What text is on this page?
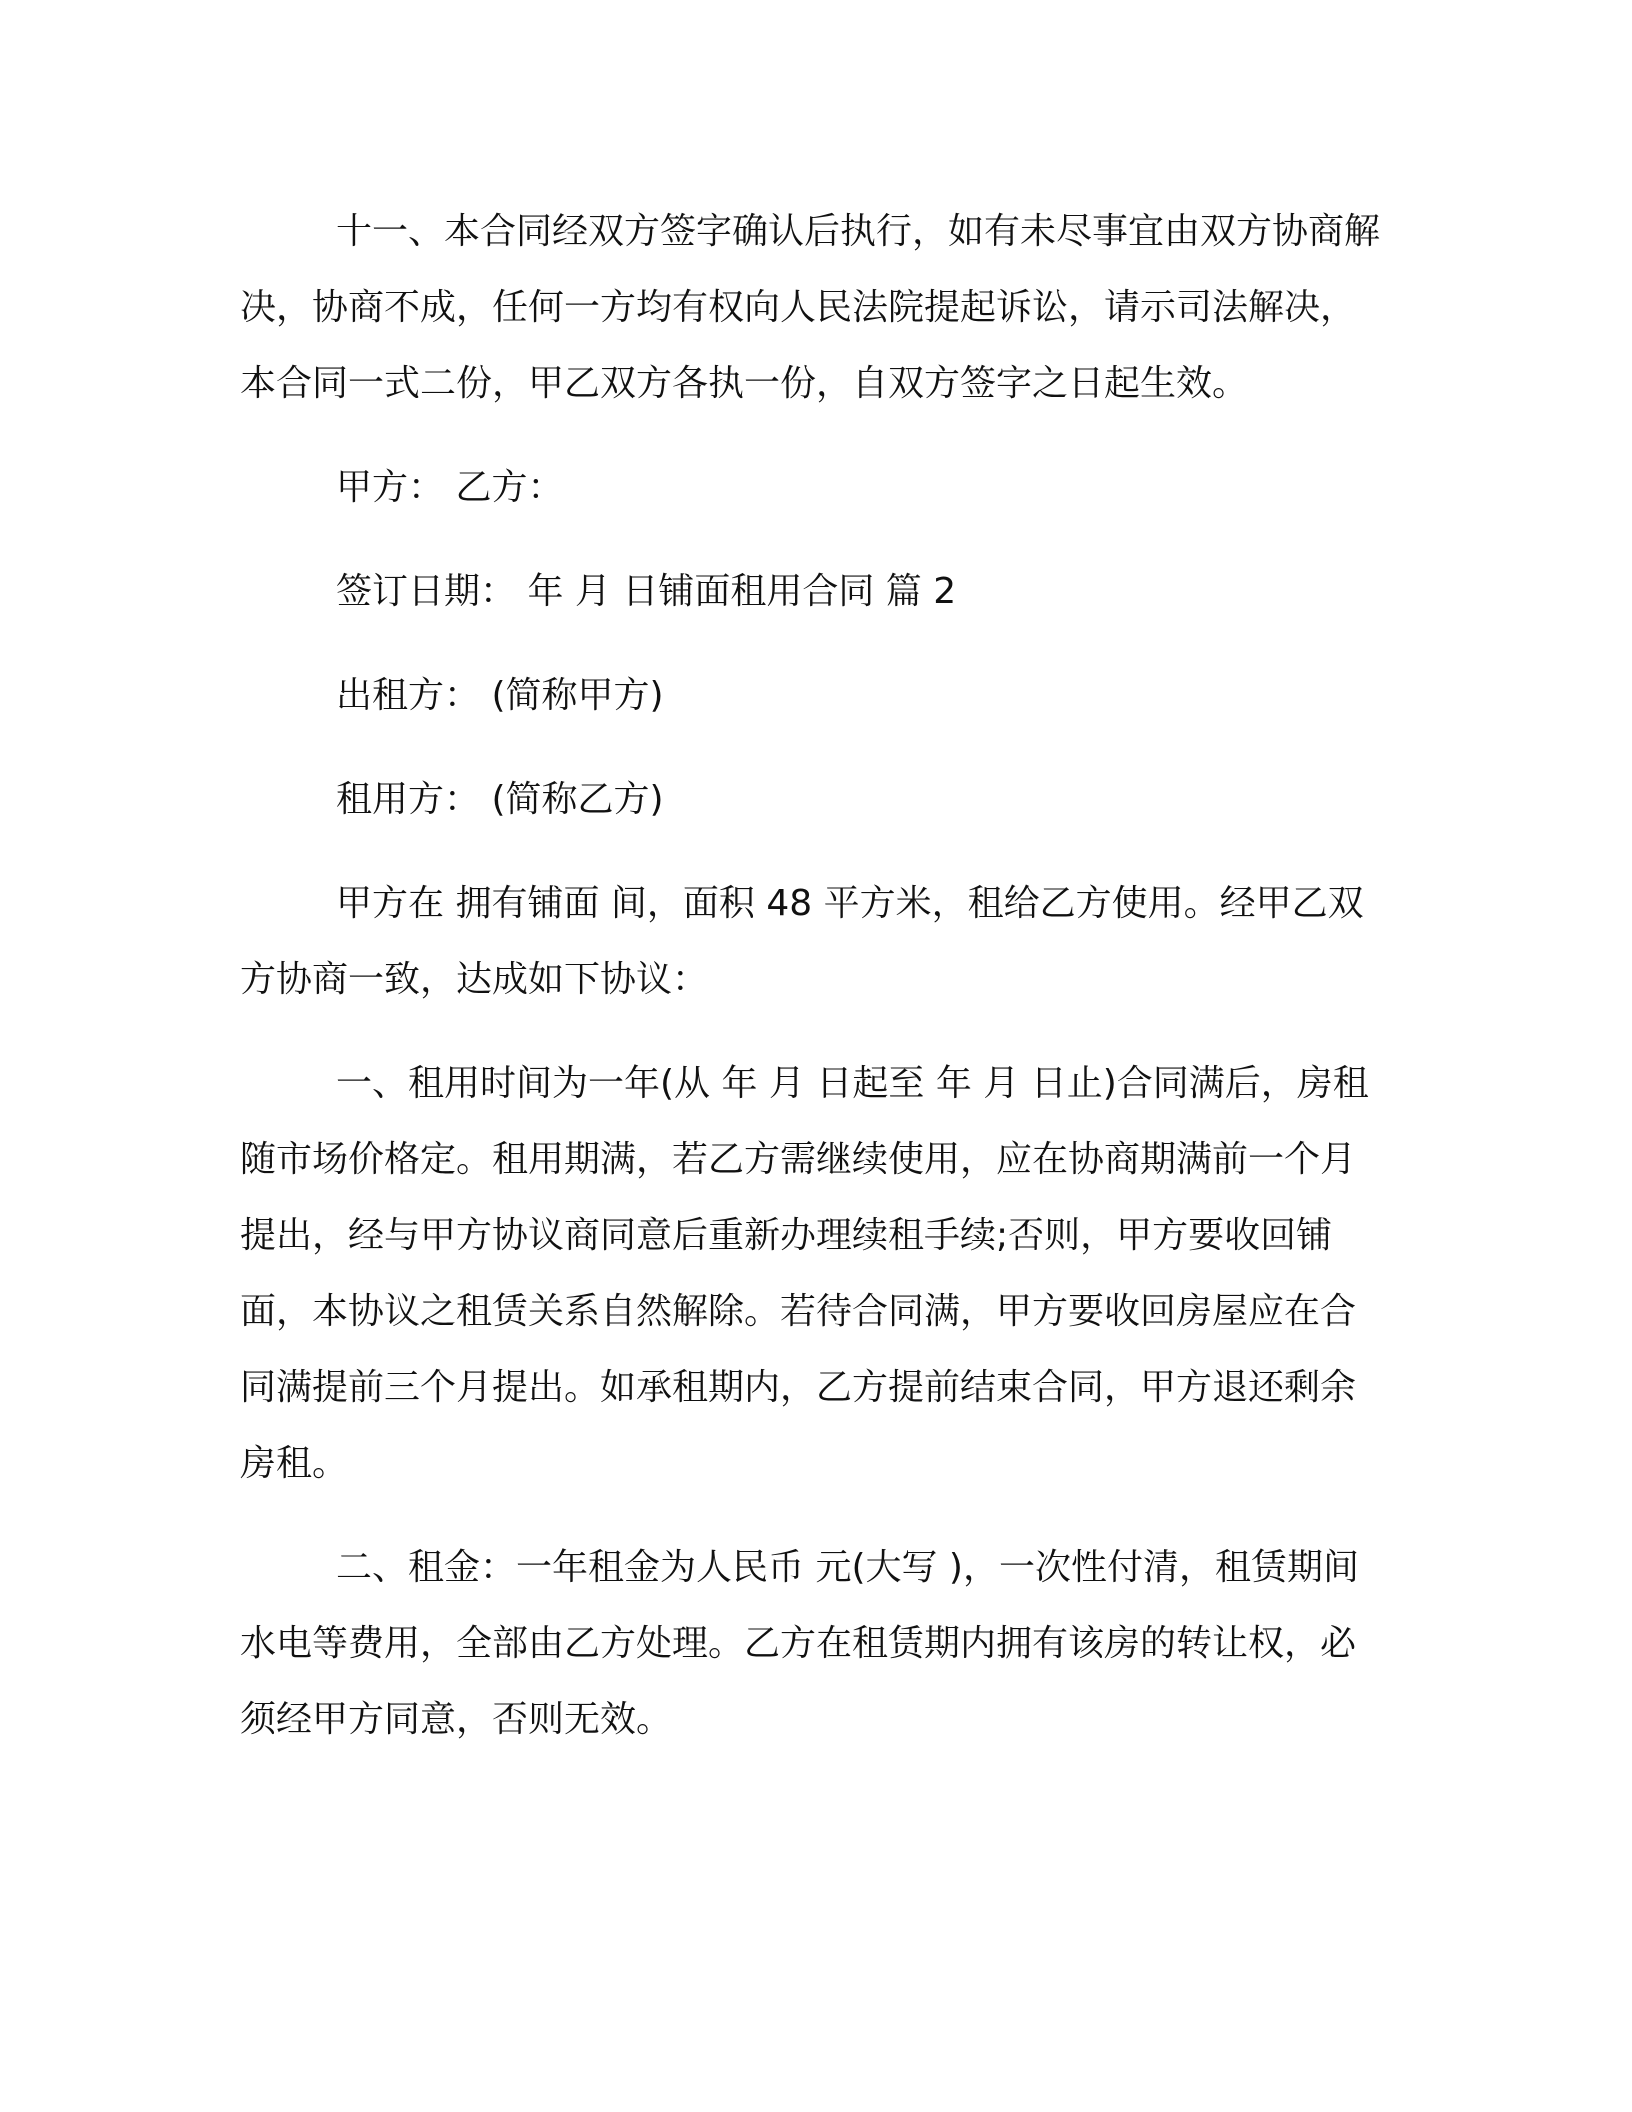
十一、本合同经双方签字确认后执行，如有未尽事宜由双方协商解决，协商不成，任何一方均有权向人民法院提起诉讼，请示司法解决，本合同一式二份，甲乙双方各执一份，自双方签字之日起生效。

甲方： 乙方：

签订日期： 年 月 日铺面租用合同 篇 2

出租方： (简称甲方)

租用方： (简称乙方)

甲方在 拥有铺面 间，面积 48 平方米，租给乙方使用。经甲乙双方协商一致，达成如下协议：

一、租用时间为一年(从 年 月 日起至 年 月 日止)合同满后，房租随市场价格定。租用期满，若乙方需继续使用，应在协商期满前一个月提出，经与甲方协议商同意后重新办理续租手续;否则，甲方要收回铺面，本协议之租赁关系自然解除。若待合同满，甲方要收回房屋应在合同满提前三个月提出。如承租期内，乙方提前结束合同，甲方退还剩余房租。

二、租金：一年租金为人民币 元(大写 )，一次性付清，租赁期间水电等费用，全部由乙方处理。乙方在租赁期内拥有该房的转让权，必须经甲方同意，否则无效。
